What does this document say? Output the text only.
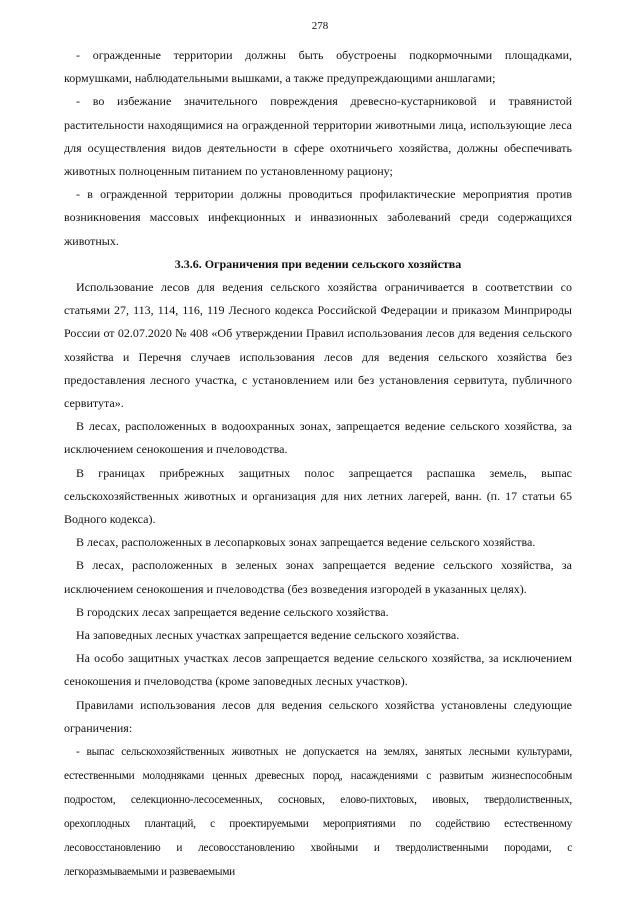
278

- огражденные территории должны быть обустроены подкормочными площадками, кормушками, наблюдательными вышками, а также предупреждающими аншлагами;

- во избежание значительного повреждения древесно-кустарниковой и травянистой растительности находящимися на огражденной территории животными лица, использующие леса для осуществления видов деятельности в сфере охотничьего хозяйства, должны обеспечивать животных полноценным питанием по установленному рациону;

- в огражденной территории должны проводиться профилактические мероприятия против возникновения массовых инфекционных и инвазионных заболеваний среди содержащихся животных.

3.3.6. Ограничения при ведении сельского хозяйства

Использование лесов для ведения сельского хозяйства ограничивается в соответствии со статьями 27, 113, 114, 116, 119 Лесного кодекса Российской Федерации и приказом Минприроды России от 02.07.2020 № 408 «Об утверждении Правил использования лесов для ведения сельского хозяйства и Перечня случаев использования лесов для ведения сельского хозяйства без предоставления лесного участка, с установлением или без установления сервитута, публичного сервитута».

В лесах, расположенных в водоохранных зонах, запрещается ведение сельского хозяйства, за исключением сенокошения и пчеловодства.

В границах прибрежных защитных полос запрещается распашка земель, выпас сельскохозяйственных животных и организация для них летних лагерей, ванн. (п. 17 статьи 65 Водного кодекса).

В лесах, расположенных в лесопарковых зонах запрещается ведение сельского хозяйства.

В лесах, расположенных в зеленых зонах запрещается ведение сельского хозяйства, за исключением сенокошения и пчеловодства (без возведения изгородей в указанных целях).

В городских лесах запрещается ведение сельского хозяйства.

На заповедных лесных участках запрещается ведение сельского хозяйства.

На особо защитных участках лесов запрещается ведение сельского хозяйства, за исключением сенокошения и пчеловодства (кроме заповедных лесных участков).

Правилами использования лесов для ведения сельского хозяйства установлены следующие ограничения:

- выпас сельскохозяйственных животных не допускается на землях, занятых лесными культурами, естественными молодняками ценных древесных пород, насаждениями с развитым жизнеспособным подростом, селекционно-лесосеменных, сосновых, елово-пихтовых, ивовых, твердолиственных, орехоплодных плантаций, с проектируемыми мероприятиями по содействию естественному лесовосстановлению и лесовосстановлению хвойными и твердолиственными породами, с легкоразмываемыми и развеваемыми
